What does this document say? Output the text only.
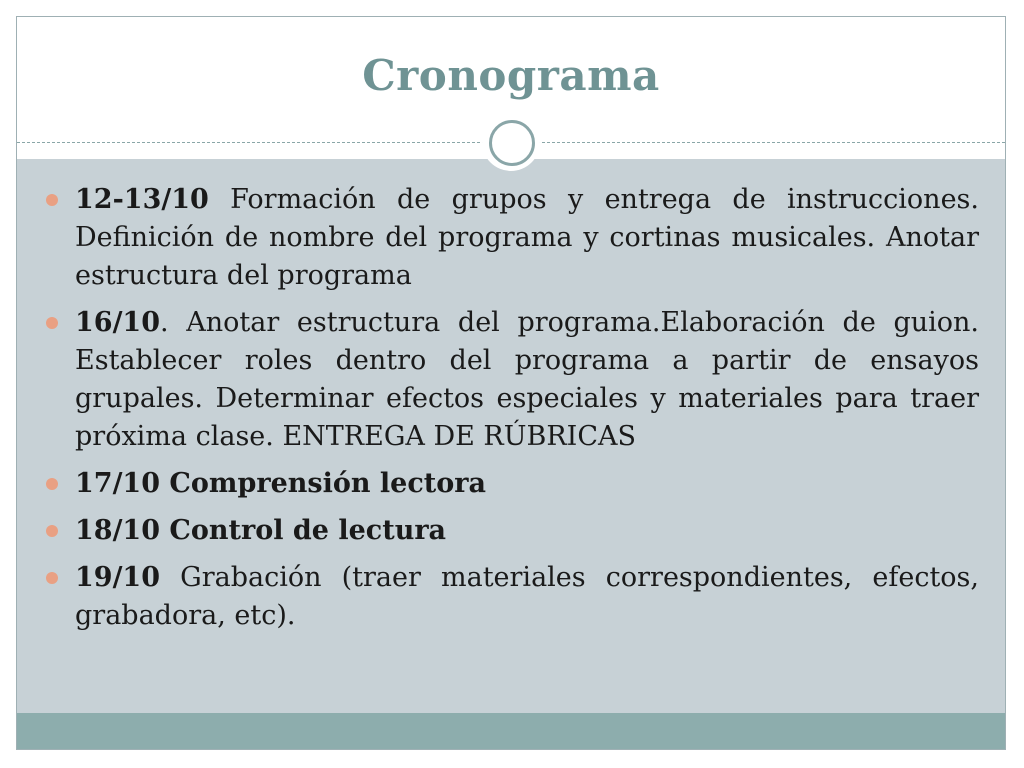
Cronograma
12-13/10 Formación de grupos y entrega de instrucciones. Definición de nombre del programa y cortinas musicales. Anotar estructura del programa
16/10. Anotar estructura del programa.Elaboración de guion. Establecer roles dentro del programa a partir de ensayos grupales. Determinar efectos especiales y materiales para traer próxima clase. ENTREGA DE RÚBRICAS
17/10 Comprensión lectora
18/10 Control de lectura
19/10 Grabación (traer materiales correspondientes, efectos, grabadora, etc).
